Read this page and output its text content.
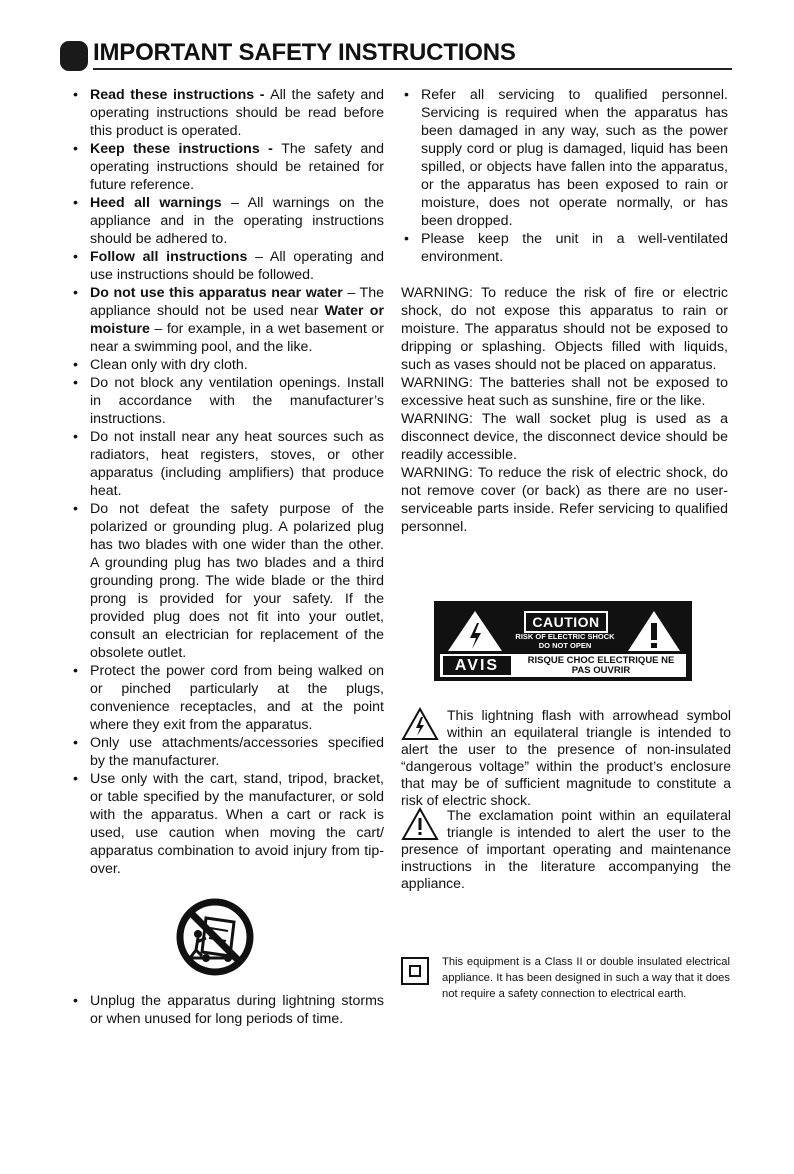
IMPORTANT SAFETY INSTRUCTIONS
• Read these instructions - All the safety and operating instructions should be read before this product is operated.
• Keep these instructions - The safety and operating instructions should be retained for future reference.
• Heed all warnings – All warnings on the appliance and in the operating instructions should be adhered to.
• Follow all instructions – All operating and use instructions should be followed.
• Do not use this apparatus near water – The appliance should not be used near Water or moisture – for example, in a wet basement or near a swimming pool, and the like.
• Clean only with dry cloth.
• Do not block any ventilation openings. Install in accordance with the manufacturer’s instructions.
• Do not install near any heat sources such as radiators, heat registers, stoves, or other apparatus (including amplifiers) that produce heat.
• Do not defeat the safety purpose of the polarized or grounding plug. A polarized plug has two blades with one wider than the other. A grounding plug has two blades and a third grounding prong. The wide blade or the third prong is provided for your safety. If the provided plug does not fit into your outlet, consult an electrician for replacement of the obsolete outlet.
• Protect the power cord from being walked on or pinched particularly at the plugs, convenience receptacles, and at the point where they exit from the apparatus.
• Only use attachments/accessories specified by the manufacturer.
• Use only with the cart, stand, tripod, bracket, or table specified by the manufacturer, or sold with the apparatus. When a cart or rack is used, use caution when moving the cart/ apparatus combination to avoid injury from tip-over.
• Unplug the apparatus during lightning storms or when unused for long periods of time.
• Refer all servicing to qualified personnel. Servicing is required when the apparatus has been damaged in any way, such as the power supply cord or plug is damaged, liquid has been spilled, or objects have fallen into the apparatus, or the apparatus has been exposed to rain or moisture, does not operate normally, or has been dropped.
• Please keep the unit in a well-ventilated environment.

WARNING: To reduce the risk of fire or electric shock, do not expose this apparatus to rain or moisture. The apparatus should not be exposed to dripping or splashing. Objects filled with liquids, such as vases should not be placed on apparatus.

WARNING: The batteries shall not be exposed to excessive heat such as sunshine, fire or the like.

WARNING: The wall socket plug is used as a disconnect device, the disconnect device should be readily accessible.

WARNING: To reduce the risk of electric shock, do not remove cover (or back) as there are no user-serviceable parts inside. Refer servicing to qualified personnel.

CAUTION
RISK OF ELECTRIC SHOCK
DO NOT OPEN
AVIS	RISQUE CHOC ELECTRIQUE NE
PAS OUVRIR

This lightning flash with arrowhead symbol within an equilateral triangle is intended to alert the user to the presence of non-insulated “dangerous voltage” within the product’s enclosure that may be of sufficient magnitude to constitute a risk of electric shock.

The exclamation point within an equilateral triangle is intended to alert the user to the presence of important operating and maintenance instructions in the literature accompanying the appliance.

This equipment is a Class II or double insulated electrical appliance. It has been designed in such a way that it does not require a safety connection to electrical earth.
